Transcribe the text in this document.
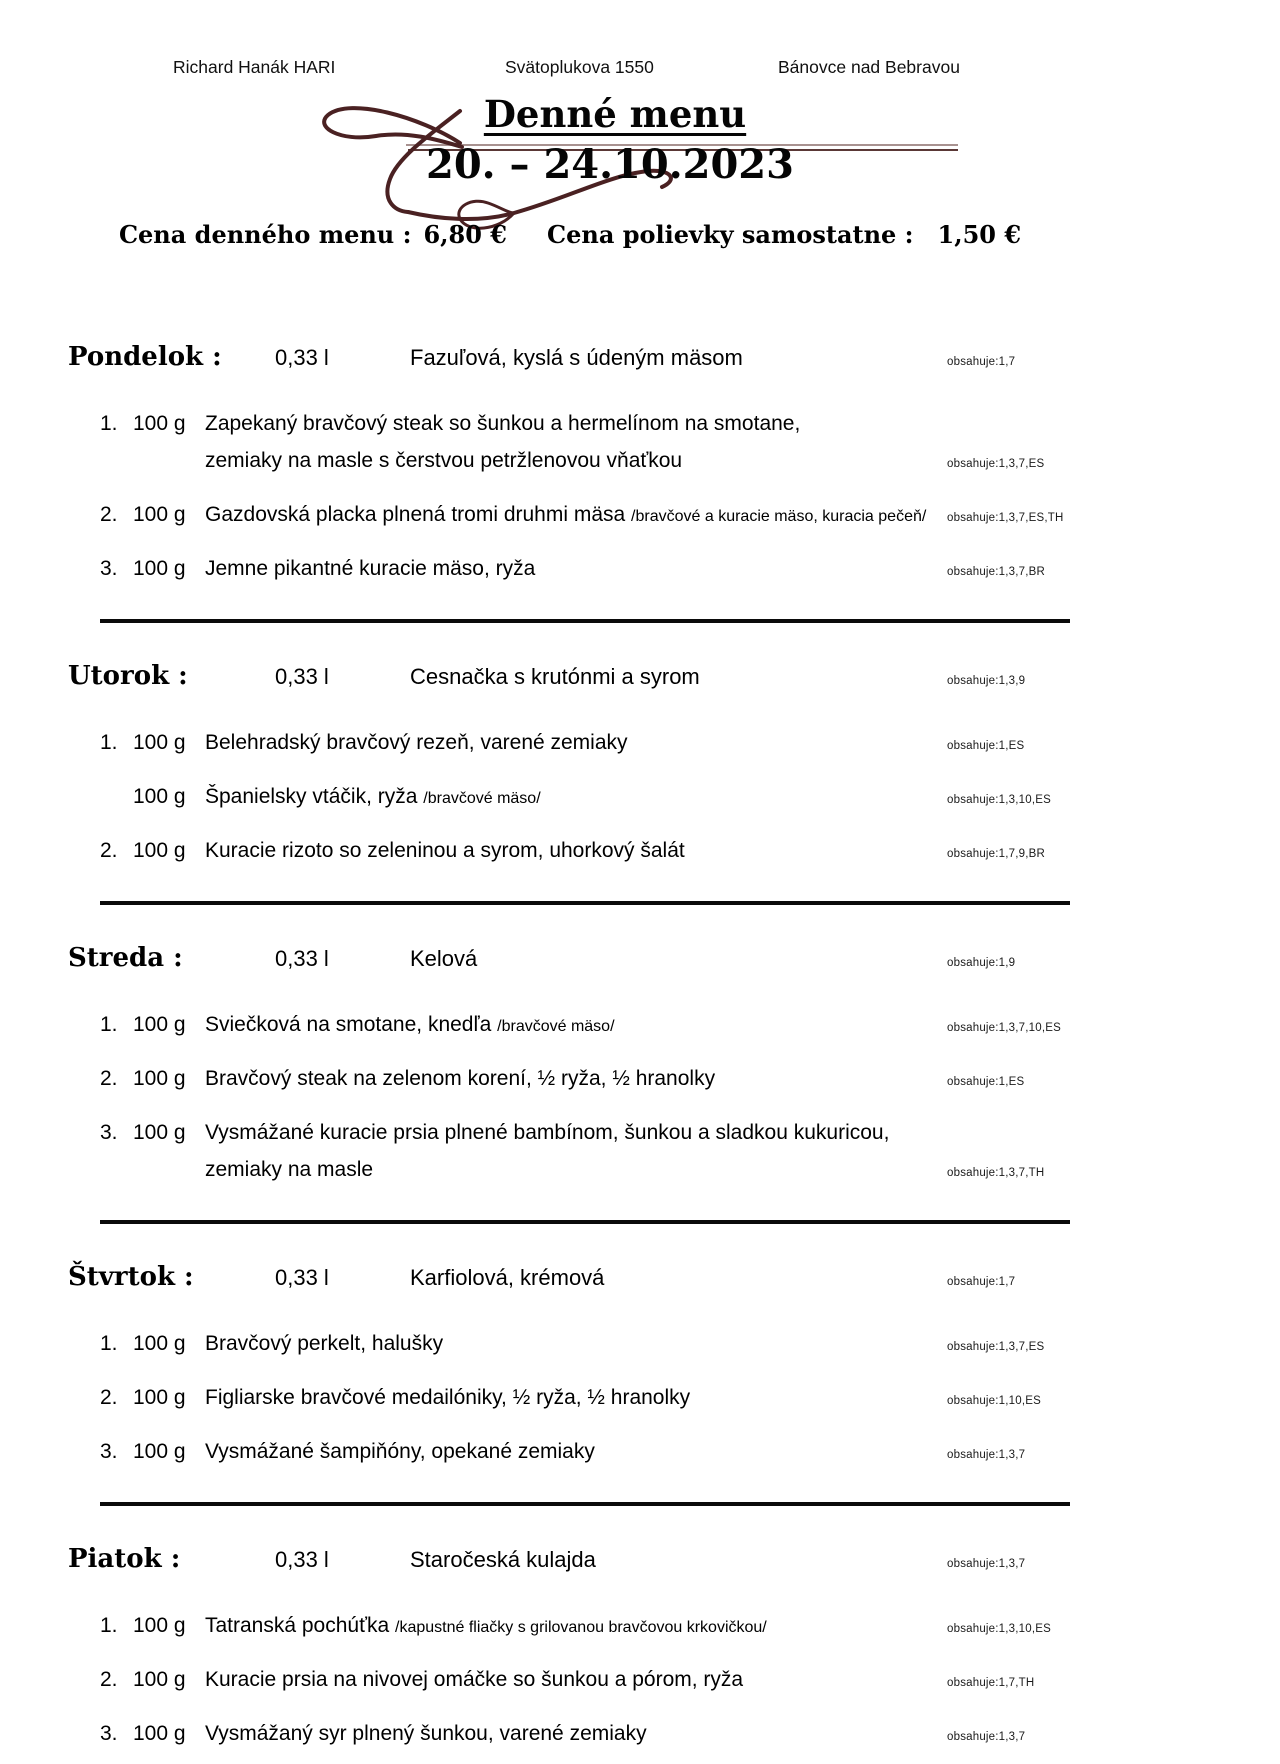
Richard Hanák HARI	Svätoplukova 1550	Bánovce nad Bebravou
Denné menu
20. – 24.10.2023
Cena denného menu : 6,80 € Cena polievky samostatne : 1,50 €
Pondelok :	0,33 l	Fazuľová, kyslá s údeným mäsom	obsahuje:1,7
1. 100 g Zapekaný bravčový steak so šunkou a hermelínom na smotane,
zemiaky na masle s čerstvou petržlenovou vňaťkou	obsahuje:1,3,7,ES
2. 100 g Gazdovská placka plnená tromi druhmi mäsa /bravčové a kuracie mäso, kuracia pečeň/	obsahuje:1,3,7,ES,TH
3. 100 g Jemne pikantné kuracie mäso, ryža	obsahuje:1,3,7,BR
Utorok :	0,33 l	Cesnačka s krutónmi a syrom	obsahuje:1,3,9
1. 100 g Belehradský bravčový rezeň, varené zemiaky	obsahuje:1,ES
100 g Španielsky vtáčik, ryža /bravčové mäso/	obsahuje:1,3,10,ES
2. 100 g Kuracie rizoto so zeleninou a syrom, uhorkový šalát	obsahuje:1,7,9,BR
Streda :	0,33 l	Kelová	obsahuje:1,9
1. 100 g Sviečková na smotane, knedľa /bravčové mäso/	obsahuje:1,3,7,10,ES
2. 100 g Bravčový steak na zelenom korení, ½ ryža, ½ hranolky	obsahuje:1,ES
3. 100 g Vysmážané kuracie prsia plnené bambínom, šunkou a sladkou kukuricou,
zemiaky na masle	obsahuje:1,3,7,TH
Štvrtok :	0,33 l	Karfiolová, krémová	obsahuje:1,7
1. 100 g Bravčový perkelt, halušky	obsahuje:1,3,7,ES
2. 100 g Figliarske bravčové medailóniky, ½ ryža, ½ hranolky	obsahuje:1,10,ES
3. 100 g Vysmážané šampiňóny, opekané zemiaky	obsahuje:1,3,7
Piatok :	0,33 l	Staročeská kulajda	obsahuje:1,3,7
1. 100 g Tatranská pochúťka /kapustné fliačky s grilovanou bravčovou krkovičkou/	obsahuje:1,3,10,ES
2. 100 g Kuracie prsia na nivovej omáčke so šunkou a pórom, ryža	obsahuje:1,7,TH
3. 100 g Vysmážaný syr plnený šunkou, varené zemiaky	obsahuje:1,3,7
